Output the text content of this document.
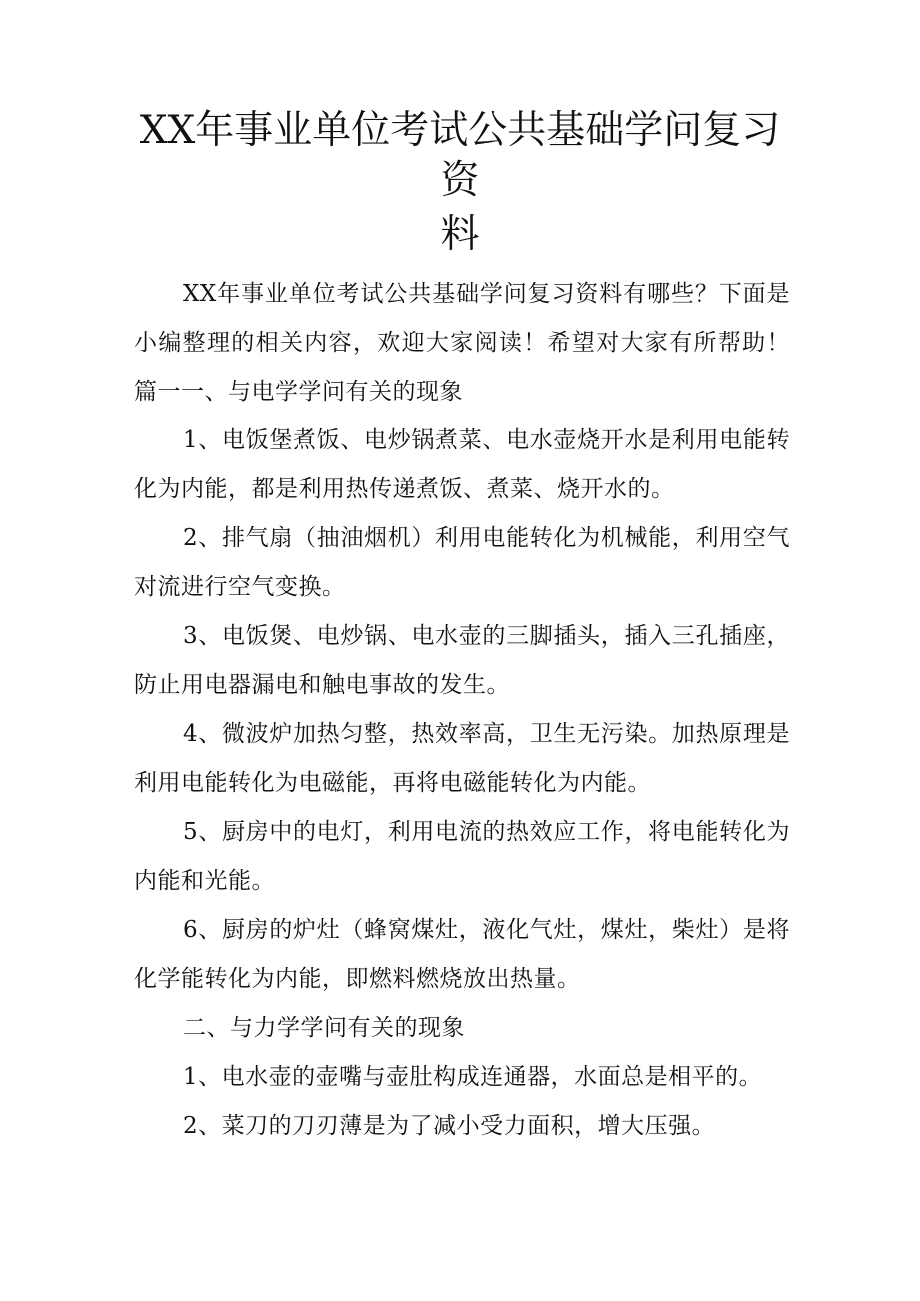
XX年事业单位考试公共基础学问复习
资
料

XX年事业单位考试公共基础学问复习资料有哪些？下面是小编整理的相关内容，欢迎大家阅读！希望对大家有所帮助！篇一一、与电学学问有关的现象

1、电饭堡煮饭、电炒锅煮菜、电水壶烧开水是利用电能转化为内能，都是利用热传递煮饭、煮菜、烧开水的。

2、排气扇（抽油烟机）利用电能转化为机械能，利用空气对流进行空气变换。

3、电饭煲、电炒锅、电水壶的三脚插头，插入三孔插座，防止用电器漏电和触电事故的发生。

4、微波炉加热匀整，热效率高，卫生无污染。加热原理是利用电能转化为电磁能，再将电磁能转化为内能。

5、厨房中的电灯，利用电流的热效应工作，将电能转化为内能和光能。

6、厨房的炉灶（蜂窝煤灶，液化气灶，煤灶，柴灶）是将化学能转化为内能，即燃料燃烧放出热量。

二、与力学学问有关的现象

1、电水壶的壶嘴与壶肚构成连通器，水面总是相平的。

2、菜刀的刀刃薄是为了减小受力面积，增大压强。
